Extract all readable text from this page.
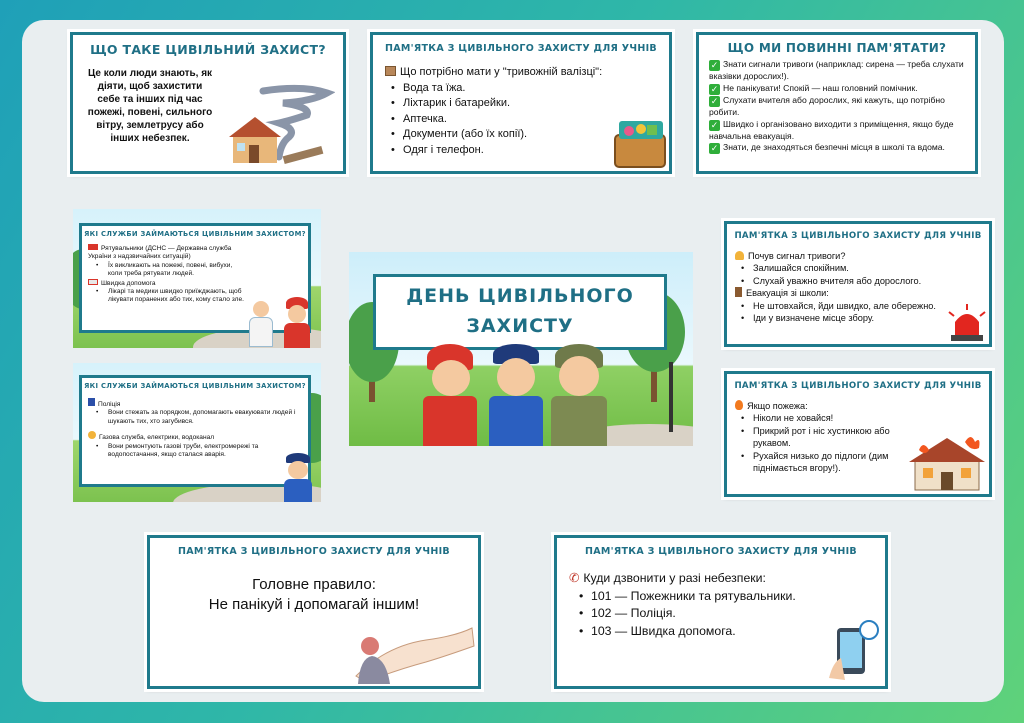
ЩО ТАКЕ ЦИВІЛЬНИЙ ЗАХИСТ?
Це коли люди знають, як діяти, щоб захистити себе та інших під час пожежі, повені, сильного вітру, землетрусу або інших небезпек.
ПАМ'ЯТКА З ЦИВІЛЬНОГО ЗАХИСТУ ДЛЯ УЧНІВ
Що потрібно мати у "тривожній валізці":
• Вода та їжа.
• Ліхтарик і батарейки.
• Аптечка.
• Документи (або їх копії).
• Одяг і телефон.
ЩО МИ ПОВИННІ ПАМ'ЯТАТИ?
✓ Знати сигнали тривоги (наприклад: сирена — треба слухати вказівки дорослих!).
✓ Не панікувати! Спокій — наш головний помічник.
✓ Слухати вчителя або дорослих, які кажуть, що потрібно робити.
✓ Швидко і організовано виходити з приміщення, якщо буде навчальна евакуація.
✓ Знати, де знаходяться безпечні місця в школі та вдома.
ЯКІ СЛУЖБИ ЗАЙМАЮТЬСЯ ЦИВІЛЬНИМ ЗАХИСТОМ?
Рятувальники (ДСНС — Державна служба України з надзвичайних ситуацій)
• Їх викликають на пожежі, повені, вибухи, коли треба рятувати людей.
Швидка допомога
• Лікарі та медики швидко приїжджають, щоб лікувати поранених або тих, кому стало зле.
ЯКІ СЛУЖБИ ЗАЙМАЮТЬСЯ ЦИВІЛЬНИМ ЗАХИСТОМ?
Поліція
• Вони стежать за порядком, допомагають евакуювати людей і шукають тих, хто загубився.
Газова служба, електрики, водоканал
• Вони ремонтують газові труби, електромережі та водопостачання, якщо сталася аварія.
ДЕНЬ ЦИВІЛЬНОГО
ЗАХИСТУ
ПАМ'ЯТКА З ЦИВІЛЬНОГО ЗАХИСТУ ДЛЯ УЧНІВ
Почув сигнал тривоги?
• Залишайся спокійним.
• Слухай уважно вчителя або дорослого.
Евакуація зі школи:
• Не штовхайся, йди швидко, але обережно.
• Іди у визначене місце збору.
ПАМ'ЯТКА З ЦИВІЛЬНОГО ЗАХИСТУ ДЛЯ УЧНІВ
Якщо пожежа:
• Ніколи не ховайся!
• Прикрий рот і ніс хустинкою або рукавом.
• Рухайся низько до підлоги (дим піднімається вгору!).
ПАМ'ЯТКА З ЦИВІЛЬНОГО ЗАХИСТУ ДЛЯ УЧНІВ
Головне правило:
Не панікуй і допомагай іншим!
ПАМ'ЯТКА З ЦИВІЛЬНОГО ЗАХИСТУ ДЛЯ УЧНІВ
✆ Куди дзвонити у разі небезпеки:
• 101 — Пожежники та рятувальники.
• 102 — Поліція.
• 103 — Швидка допомога.
